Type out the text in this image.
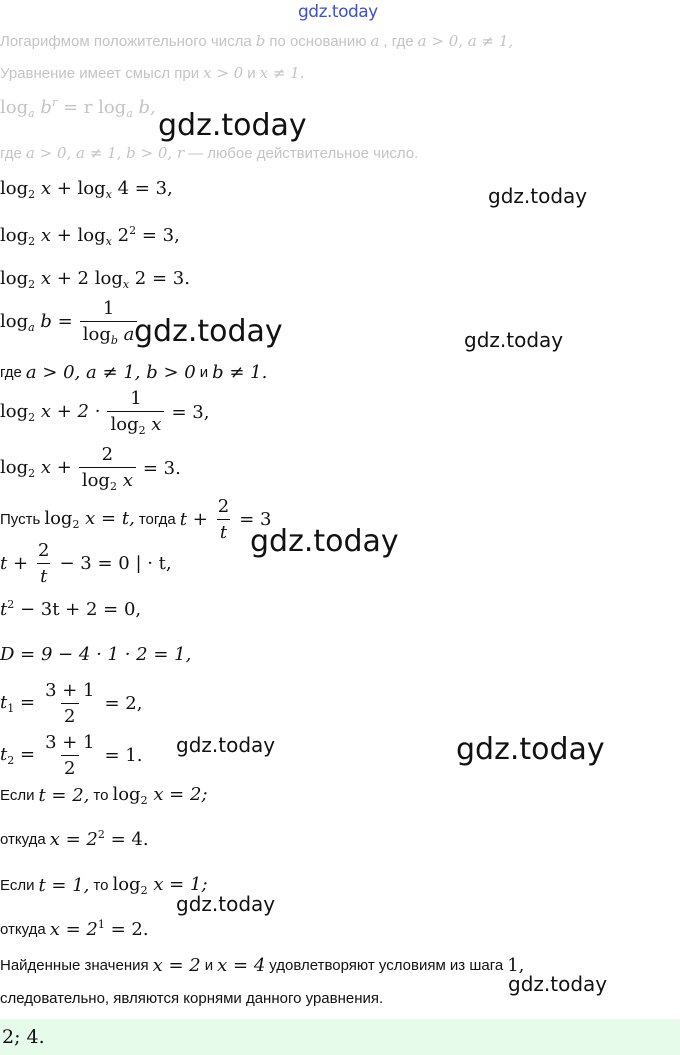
gdz.today
Логарифмом положительного числа b по основанию a , где a > 0, a ≠ 1,
Уравнение имеет смысл при x > 0 и x ≠ 1.
$\log_a b^r = r$ $\log_a b$,
где a > 0, a ≠ 1, b > 0, r — любое действительное число.
$\log_2 x + \log_x 4 = 3$,
$\log_2 x + \log_x 2^2 = 3$,
$\log_2 x + 2$ $\log_x 2 = 3$.
$\log_a b = \frac{1}{\log_b a}$
где a > 0, a ≠ 1, b > 0 и b ≠ 1.
$\log_2 x + 2 \cdot \frac{1}{\log_2 x} = 3$,
$\log_2 x + \frac{2}{\log_2 x} = 3$.
Пусть $\log_2 x = t$, тогда $t + \frac{2}{t} = 3$
$t + \frac{2}{t} - 3 = 0$ | · t,
$t^2 - 3t + 2 = 0$,
D = 9 − 4 · 1 · 2 = 1,
$t_1 = \frac{3 + 1}{2} = 2$,
$t_2 = \frac{3 + 1}{2} = 1$.
Если t = 2, то $\log_2 x = 2$;
откуда $x = 2^2 = 4$.
Если t = 1, то $\log_2 x = 1$;
откуда $x = 2^1 = 2$.
Найденные значения x = 2 и x = 4 удовлетворяют условиям из шага 1,
следовательно, являются корнями данного уравнения.
2; 4.
gdz.today
gdz.today
gdz.today	gdz.today
gdz.today
gdz.today	gdz.today
gdz.today
gdz.today
